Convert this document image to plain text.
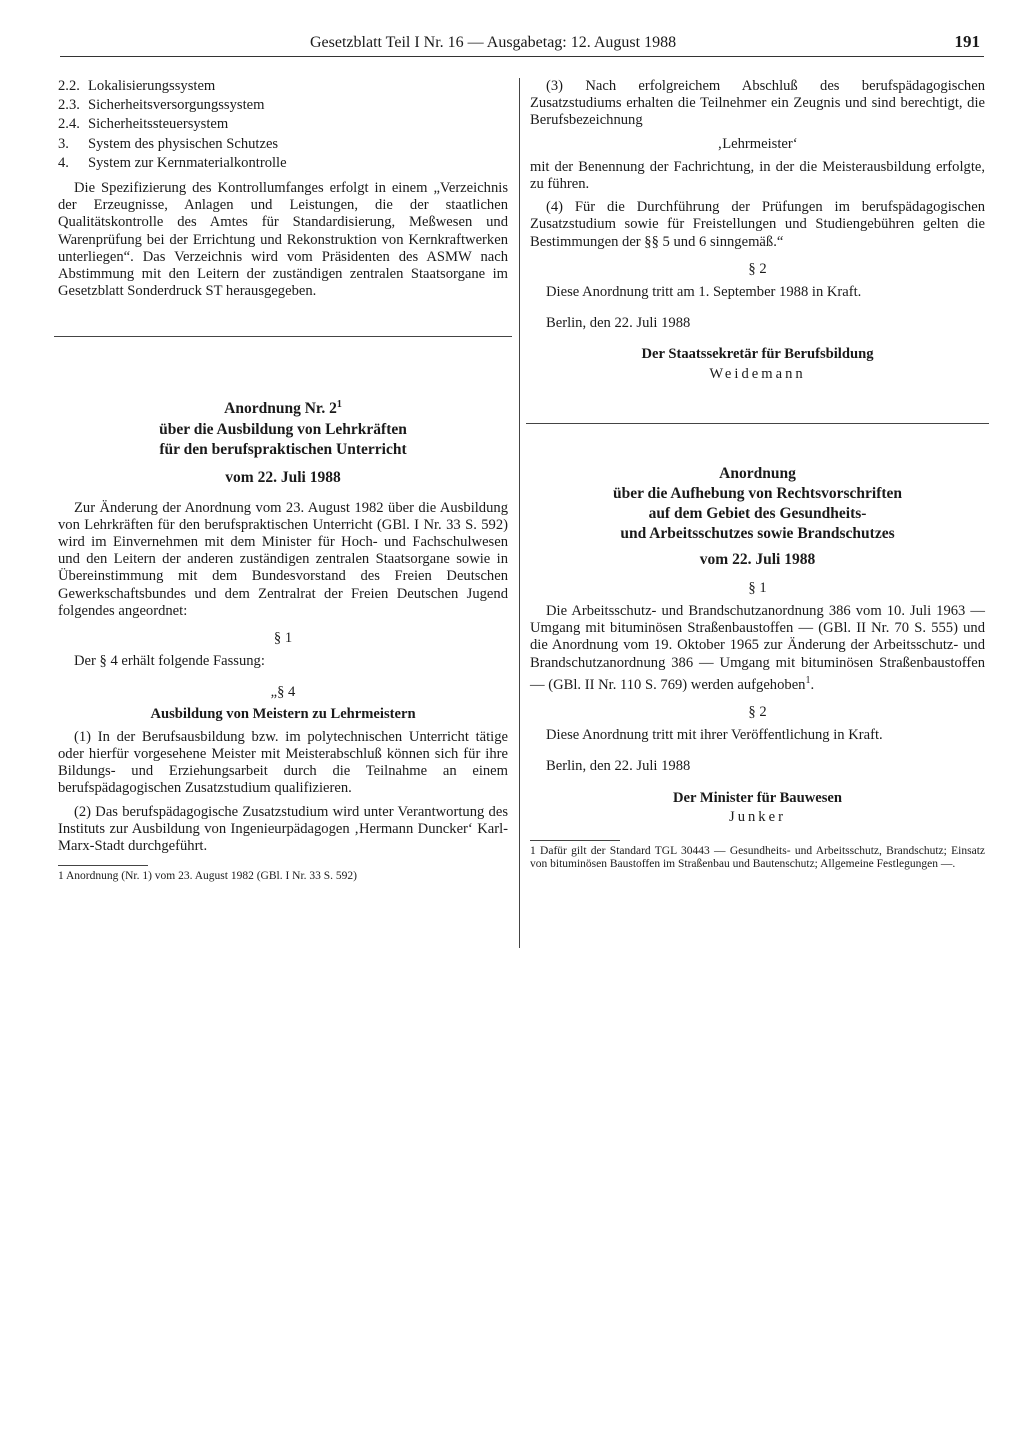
Gesetzblatt Teil I Nr. 16 — Ausgabetag: 12. August 1988	191
2.2. Lokalisierungssystem
2.3. Sicherheitsversorgungssystem
2.4. Sicherheitssteuersystem
3.	System des physischen Schutzes
4.	System zur Kernmaterialkontrolle

Die Spezifizierung des Kontrollumfanges erfolgt in einem „Verzeichnis der Erzeugnisse, Anlagen und Leistungen, die der staatlichen Qualitätskontrolle des Amtes für Standardisierung, Meßwesen und Warenprüfung bei der Errichtung und Rekonstruktion von Kernkraftwerken unterliegen“. Das Verzeichnis wird vom Präsidenten des ASMW nach Abstimmung mit den Leitern der zuständigen zentralen Staatsorgane im Gesetzblatt Sonderdruck ST herausgegeben.

Anordnung Nr. $2^1$

über die Ausbildung von Lehrkräften

für den berufspraktischen Unterricht

vom 22. Juli 1988

Zur Änderung der Anordnung vom 23. August 1982 über die Ausbildung von Lehrkräften für den berufspraktischen Unterricht (GBl. I Nr. 33 S. 592) wird im Einvernehmen mit dem Minister für Hoch- und Fachschulwesen und den Leitern der anderen zuständigen zentralen Staatsorgane sowie in Übereinstimmung mit dem Bundesvorstand des Freien Deutschen Gewerkschaftsbundes und dem Zentralrat der Freien Deutschen Jugend folgendes angeordnet:

§ 1

Der § 4 erhält folgende Fassung:

„§ 4

Ausbildung von Meistern zu Lehrmeistern

(1) In der Berufsausbildung bzw. im polytechnischen Unterricht tätige oder hierfür vorgesehene Meister mit Meisterabschluß können sich für ihre Bildungs- und Erziehungsarbeit durch die Teilnahme an einem berufspädagogischen Zusatzstudium qualifizieren.

(2) Das berufspädagogische Zusatzstudium wird unter Verantwortung des Instituts zur Ausbildung von Ingenieurpädagogen ‚Hermann Duncker‘ Karl-Marx-Stadt durchgeführt.

1 Anordnung (Nr. 1) vom 23. August 1982 (GBl. I Nr. 33 S. 592)

(3) Nach erfolgreichem Abschluß des berufspädagogischen Zusatzstudiums erhalten die Teilnehmer ein Zeugnis und sind berechtigt, die Berufsbezeichnung

‚Lehrmeister‘

mit der Benennung der Fachrichtung, in der die Meisterausbildung erfolgte, zu führen.

(4) Für die Durchführung der Prüfungen im berufspädagogischen Zusatzstudium sowie für Freistellungen und Studiengebühren gelten die Bestimmungen der §§ 5 und 6 sinngemäß.“

§ 2

Diese Anordnung tritt am 1. September 1988 in Kraft.

Berlin, den 22. Juli 1988

Der Staatssekretär für Berufsbildung

Weidemann

Anordnung

über die Aufhebung von Rechtsvorschriften

auf dem Gebiet des Gesundheits-

und Arbeitsschutzes sowie Brandschutzes

vom 22. Juli 1988

§ 1

Die Arbeitsschutz- und Brandschutzanordnung 386 vom 10. Juli 1963 — Umgang mit bituminösen Straßenbaustoffen — (GBl. II Nr. 70 S. 555) und die Anordnung vom 19. Oktober 1965 zur Änderung der Arbeitsschutz- und Brandschutzanordnung 386 — Umgang mit bituminösen Straßenbaustoffen — (GBl. II Nr. 110 S. 769) werden aufgehoben$^1$.

§ 2

Diese Anordnung tritt mit ihrer Veröffentlichung in Kraft.

Berlin, den 22. Juli 1988

Der Minister für Bauwesen

Junker

1 Dafür gilt der Standard TGL 30443 — Gesundheits- und Arbeitsschutz, Brandschutz; Einsatz von bituminösen Baustoffen im Straßenbau und Bautenschutz; Allgemeine Festlegungen —.
